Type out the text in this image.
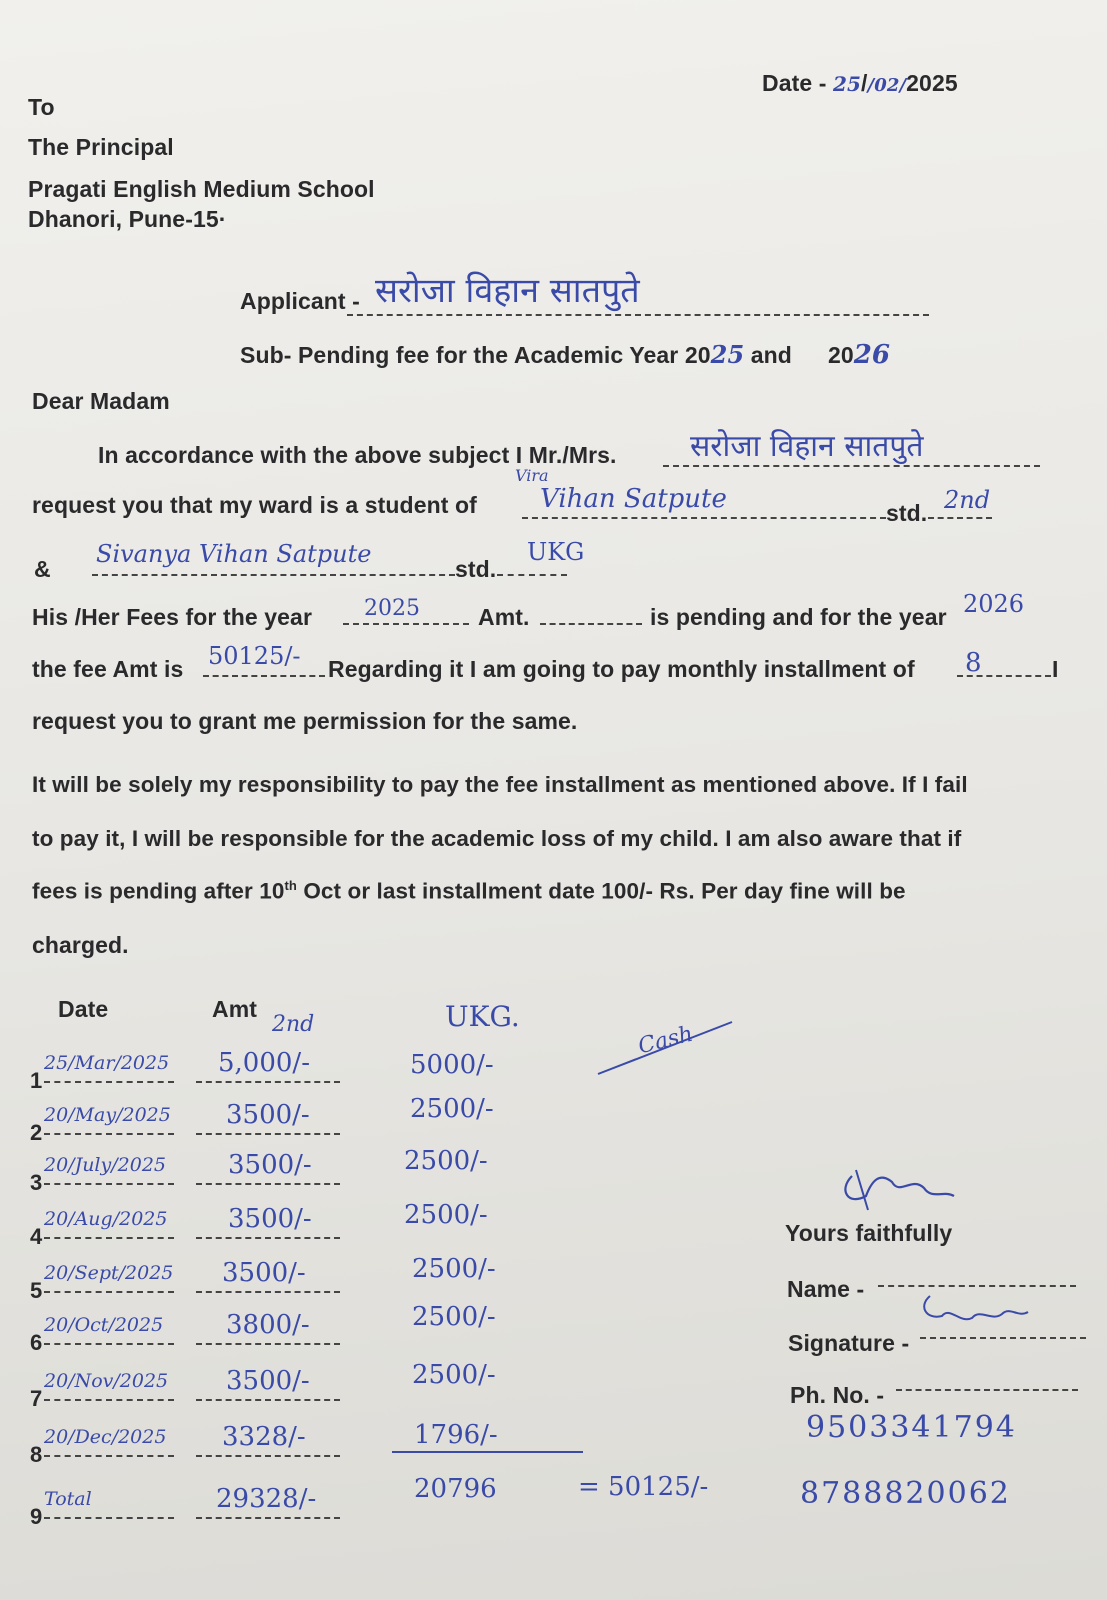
Date - 25//02/2025
To
The Principal
Pragati English Medium School
Dhanori, Pune-15·
Applicant - सरोजा विहान सातपुते
Sub- Pending fee for the Academic Year 2025 and 2026
Dear Madam
In accordance with the above subject I Mr./Mrs. सरोजा विहान सातपुते
request you that my ward is a student of
Vira
Vihan Satpute	std. 2nd
&
Sivanya Vihan Satpute
std.
UKG
His /Her Fees for the year 2025	Amt.	is pending and for the year 2026
the fee Amt is 50125/- Regarding it I am going to pay monthly installment of 8	I
request you to grant me permission for the same.
It will be solely my responsibility to pay the fee installment as mentioned above. If I fail
to pay it, I will be responsible for the academic loss of my child. I am also aware that if
fees is pending after 10th Oct or last installment date 100/- Rs. Per day fine will be
charged.
Date	Amt
2nd	UKG.
Cash
1
25/Mar/2025 5,000/-	5000/-
2
20/May/2025 3500/-	2500/-
3
20/July/2025 3500/-	2500/-
4
20/Aug/2025 3500/-	2500/-
5
20/Sept/2025 3500/-	2500/-
6
20/Oct/2025 3800/-	2500/-
7
20/Nov/2025 3500/-	2500/-
8
20/Dec/2025 3328/-	1796/-
9
Total	29328/-	20796	= 50125/-
Yours faithfully
Name -
Signature -
Ph. No. -
9503341794
8788820062
